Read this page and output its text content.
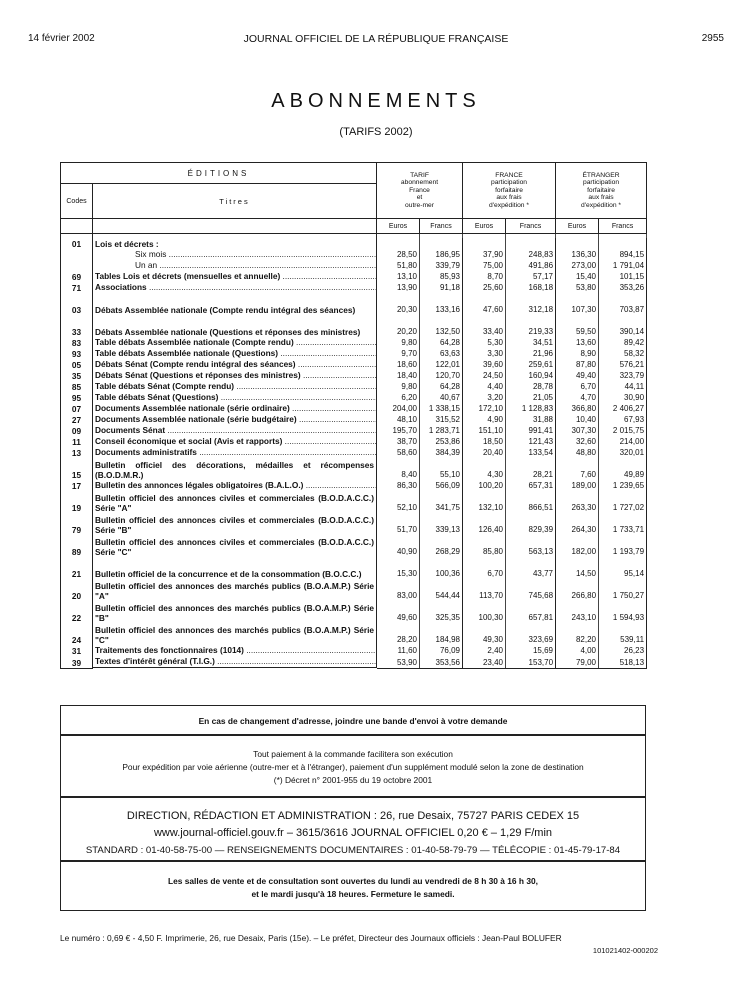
14 février 2002	JOURNAL OFFICIEL DE LA RÉPUBLIQUE FRANÇAISE	2955
ABONNEMENTS
(TARIFS 2002)
ÉDITIONS		TARIF
abonnement
France
et
outre-mer		FRANCE
participation
forfaitaire
aux frais
d'expédition *		ÉTRANGER
participation
forfaitaire
aux frais
d'expédition *	
Codes	Titres						
		Euros	Francs	Euros	Francs	Euros	Francs

01	Lois et décrets :						

Six mois .....	28,50	186,95	37,90	248,83	136,30	894,15

Un an .....	51,80	339,79	75,00	491,86	273,00	1 791,04
69	Tables Lois et décrets (mensuelles et annuelle) .....	13,10	85,93	8,70	57,17	15,40	101,15
71	Associations .....	13,90	91,18	25,60	168,18	53,80	353,26
03	Débats Assemblée nationale (Compte rendu intégral des séances)	20,30	133,16	47,60	312,18	107,30	703,87
33	Débats Assemblée nationale (Questions et réponses des ministres)	20,20	132,50	33,40	219,33	59,50	390,14
83	Table débats Assemblée nationale (Compte rendu) .....	9,80	64,28	5,30	34,51	13,60	89,42
93	Table débats Assemblée nationale (Questions) .....	9,70	63,63	3,30	21,96	8,90	58,32
05	Débats Sénat (Compte rendu intégral des séances) .....	18,60	122,01	39,60	259,61	87,80	576,21
35	Débats Sénat (Questions et réponses des ministres) .....	18,40	120,70	24,50	160,94	49,40	323,79
85	Table débats Sénat (Compte rendu) .....	9,80	64,28	4,40	28,78	6,70	44,11
95	Table débats Sénat (Questions) .....	6,20	40,67	3,20	21,05	4,70	30,90
07	Documents Assemblée nationale (série ordinaire) .....	204,00	1 338,15	172,10	1 128,83	366,80	2 406,27
27	Documents Assemblée nationale (série budgétaire) .....	48,10	315,52	4,90	31,88	10,40	67,93
09	Documents Sénat .....	195,70	1 283,71	151,10	991,41	307,30	2 015,75
11	Conseil économique et social (Avis et rapports) .....	38,70	253,86	18,50	121,43	32,60	214,00
13	Documents administratifs .....	58,60	384,39	20,40	133,54	48,80	320,01
15	Bulletin officiel des décorations, médailles et récompenses (B.O.D.M.R.)	8,40	55,10	4,30	28,21	7,60	49,89
17	Bulletin des annonces légales obligatoires (B.A.L.O.) .....	86,30	566,09	100,20	657,31	189,00	1 239,65
19	Bulletin officiel des annonces civiles et commerciales (B.O.D.A.C.C.) Série "A"	52,10	341,75	132,10	866,51	263,30	1 727,02
79	Bulletin officiel des annonces civiles et commerciales (B.O.D.A.C.C.) Série "B"	51,70	339,13	126,40	829,39	264,30	1 733,71
89	Bulletin officiel des annonces civiles et commerciales (B.O.D.A.C.C.) Série "C"	40,90	268,29	85,80	563,13	182,00	1 193,79
21	Bulletin officiel de la concurrence et de la consommation (B.O.C.C.)	15,30	100,36	6,70	43,77	14,50	95,14
20	Bulletin officiel des annonces des marchés publics (B.O.A.M.P.) Série "A"	83,00	544,44	113,70	745,68	266,80	1 750,27
22	Bulletin officiel des annonces des marchés publics (B.O.A.M.P.) Série "B"	49,60	325,35	100,30	657,81	243,10	1 594,93
24	Bulletin officiel des annonces des marchés publics (B.O.A.M.P.) Série "C"	28,20	184,98	49,30	323,69	82,20	539,11
31	Traitements des fonctionnaires (1014) .....	11,60	76,09	2,40	15,69	4,00	26,23
39	Textes d'intérêt général (T.I.G.) .....	53,90	353,56	23,40	153,70	79,00	518,13
En cas de changement d'adresse, joindre une bande d'envoi à votre demande
Tout paiement à la commande facilitera son exécution
Pour expédition par voie aérienne (outre-mer et à l'étranger), paiement d'un supplément modulé selon la zone de destination
(*) Décret n° 2001-955 du 19 octobre 2001
DIRECTION, RÉDACTION ET ADMINISTRATION : 26, rue Desaix, 75727 PARIS CEDEX 15
www.journal-officiel.gouv.fr – 3615/3616 JOURNAL OFFICIEL 0,20 € – 1,29 F/min
STANDARD : 01-40-58-75-00 — RENSEIGNEMENTS DOCUMENTAIRES : 01-40-58-79-79 — TÉLÉCOPIE : 01-45-79-17-84
Les salles de vente et de consultation sont ouvertes du lundi au vendredi de 8 h 30 à 16 h 30,
et le mardi jusqu'à 18 heures. Fermeture le samedi.
Le numéro : 0,69 € - 4,50 F. Imprimerie, 26, rue Desaix, Paris (15e). – Le préfet, Directeur des Journaux officiels : Jean-Paul BOLUFER
101021402-000202
